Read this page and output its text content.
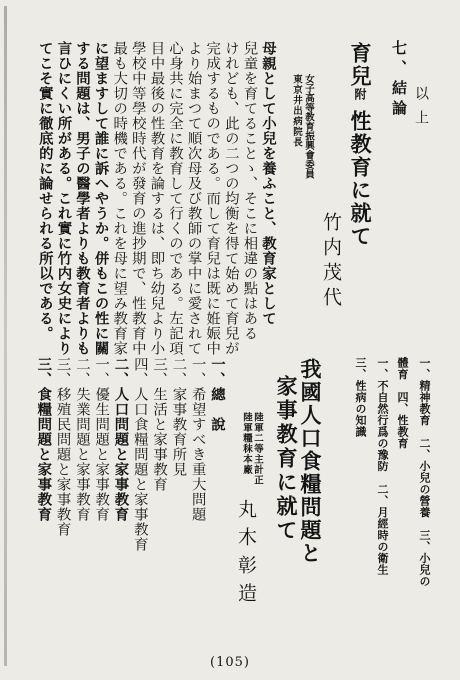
七、結論 以上
育兒附性教育に就て
東京井出病院長 女子高等教育振興會委員
竹内茂代
母親として小兒を養ふこと、教育家として
兒童を育てることゝ、そこに相違の點はある
けれども、此の二つの均衡を得て始めて育兒が
完成するものである。而して育兒は既に姙娠中
より始まつて順次母及び教師の掌中に愛されて
心身共に完全に教育して行くのである。左記項
目中最後の性教育を論するは、即ち幼兒より小
學校中等學校時代が發育の進抄期で、性教育中
最も大切の時機である。これを母に望み教育家
に望ますして誰に訴へやうか。併もこの性に關
する問題は、男子の醫學者よりも教育者よりも
言ひにくい所がある。これ實に竹内女史により
てこそ實に徹底的に論せられる所以である。
一、精神教育　二、小兒の營養　三、小兒の
體育　四、性教育
一、不自然行爲の豫防　二、月經時の衛生
三、性病の知識
我國人口食糧問題と
家事教育に就て
陸軍糧秣本廠 陸軍二等主計正
丸木彰造
一、總　說
一、希望すべき重大問題
二、家事教育所見
三、生活と家事教育
四、人口食糧問題と家事教育
二、人口問題と家事教育
一、優生問題と家事教育
二、失業問題と家事教育
三、移殖民問題と家事教育
三、食糧問題と家事教育
(105)
